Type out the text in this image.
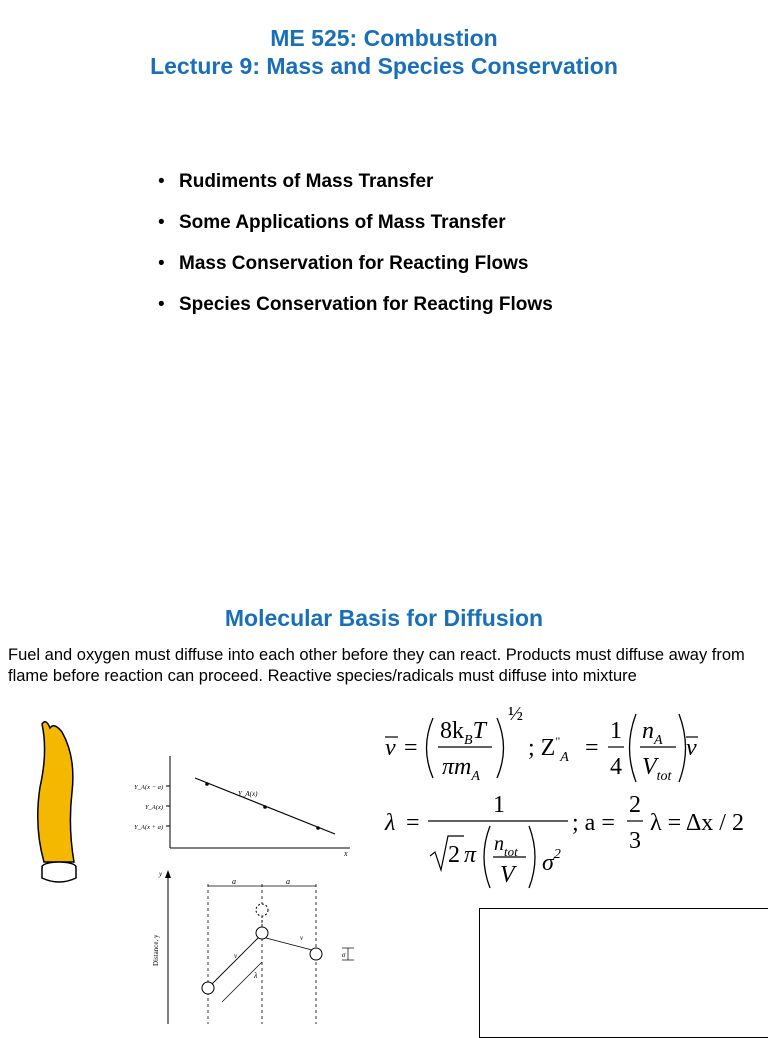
ME 525: Combustion
Lecture 9: Mass and Species Conservation
• Rudiments of Mass Transfer
• Some Applications of Mass Transfer
• Mass Conservation for Reacting Flows
• Species Conservation for Reacting Flows
Molecular Basis for Diffusion
Fuel and oxygen must diffuse into each other before they can react. Products must diffuse away from flame before reaction can proceed. Reactive species/radicals must diffuse into mixture
v =
$8k_BT$
$\pi m_A$
½
; $Z^"_A$ =
1
4
$n_A$
$V_{tot}$
v
λ =
1
2 π $n_{tot}$
V $\sigma^2$
; a =
2
3
λ = Δx / 2
x
Y_A(x − a)
Y_A(x)
Y_A(x + a)
Y_A(x)
y
Distance, y
a	a
v
v
λ
σ
